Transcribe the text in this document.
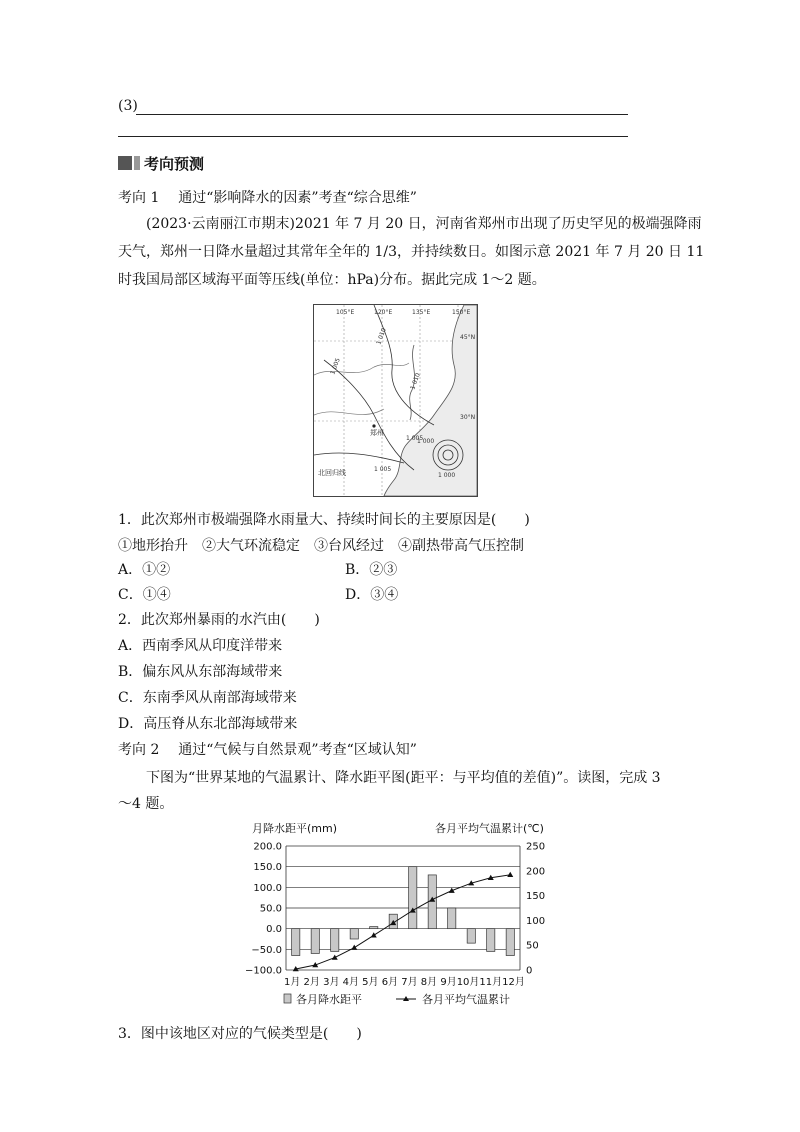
(3)
考向预测
考向 1 通过“影响降水的因素”考查“综合思维”
(2023·云南丽江市期末)2021 年 7 月 20 日，河南省郑州市出现了历史罕见的极端强降雨
天气，郑州一日降水量超过其常年全年的 1/3，并持续数日。如图示意 2021 年 7 月 20 日 11
时我国局部区域海平面等压线(单位：hPa)分布。据此完成 1～2 题。
105°E	120°E	135°E	150°E
45°N
30°N
1 010
1 005
1 010
1 005
1 000
1 005
1 000
郑州
北回归线
1．此次郑州市极端强降水雨量大、持续时间长的主要原因是(　　)
①地形抬升　②大气环流稳定　③台风经过　④副热带高气压控制
A．①②	B．②③
C．①④	D．③④
2．此次郑州暴雨的水汽由(　　)
A．西南季风从印度洋带来
B．偏东风从东部海域带来
C．东南季风从南部海域带来
D．高压脊从东北部海域带来
考向 2 通过“气候与自然景观”考查“区域认知”
下图为“世界某地的气温累计、降水距平图(距平：与平均值的差值)”。读图，完成 3
～4 题。
月降水距平(mm)	各月平均气温累计(℃)
200.0
150.0
100.0
50.0
0.0
−50.0
−100.0
250
200
150
100
50
0
1月 2月 3月 4月 5月 6月 7月 8月 9月10月11月12月
各月降水距平	各月平均气温累计
3．图中该地区对应的气候类型是(　　)
